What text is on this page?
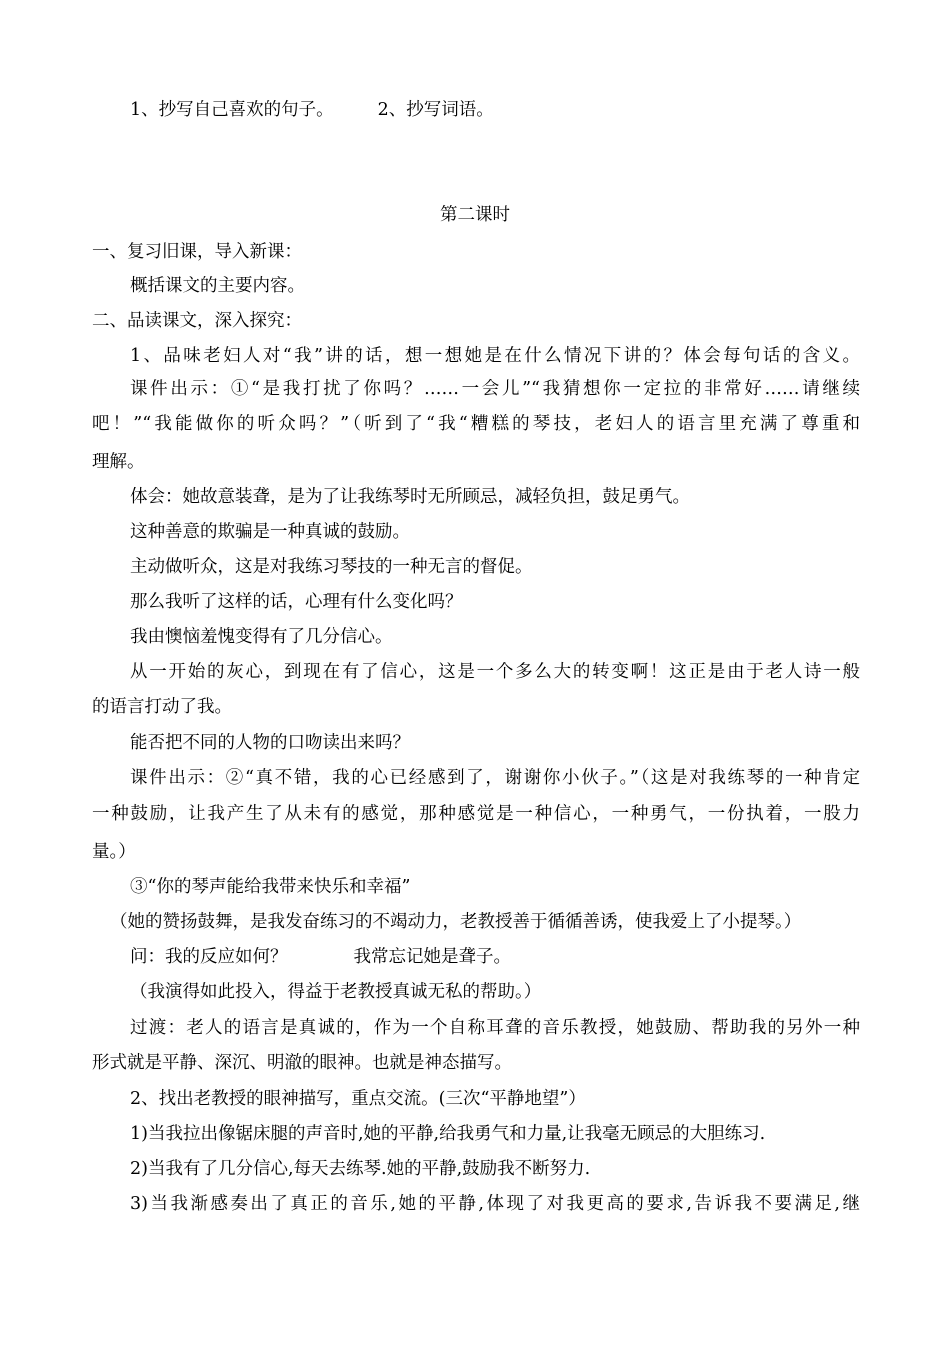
1、抄写自己喜欢的句子。	2、抄写词语。
第二课时
一、复习旧课，导入新课：
概括课文的主要内容。
二、品读课文，深入探究：
1、品味老妇人对“我”讲的话，想一想她是在什么情况下讲的？体会每句话的含义。
课件出示：①“是我打扰了你吗？……一会儿”“我猜想你一定拉的非常好……请继续
吧！”“我能做你的听众吗？”（听到了“我“糟糕的琴技，老妇人的语言里充满了尊重和
理解。
体会：她故意装聋，是为了让我练琴时无所顾忌，减轻负担，鼓足勇气。
这种善意的欺骗是一种真诚的鼓励。
主动做听众，这是对我练习琴技的一种无言的督促。
那么我听了这样的话，心理有什么变化吗？
我由懊恼羞愧变得有了几分信心。
从一开始的灰心，到现在有了信心，这是一个多么大的转变啊！这正是由于老人诗一般
的语言打动了我。
能否把不同的人物的口吻读出来吗？
课件出示：②“真不错，我的心已经感到了，谢谢你小伙子。”（这是对我练琴的一种肯定
一种鼓励，让我产生了从未有的感觉，那种感觉是一种信心，一种勇气，一份执着，一股力
量。）
③“你的琴声能给我带来快乐和幸福”
（她的赞扬鼓舞，是我发奋练习的不竭动力，老教授善于循循善诱，使我爱上了小提琴。）
问：我的反应如何？	我常忘记她是聋子。
（我演得如此投入，得益于老教授真诚无私的帮助。）
过渡：老人的语言是真诚的，作为一个自称耳聋的音乐教授，她鼓励、帮助我的另外一种
形式就是平静、深沉、明澈的眼神。也就是神态描写。
2、找出老教授的眼神描写，重点交流。(三次“平静地望”）
1)当我拉出像锯床腿的声音时,她的平静,给我勇气和力量,让我毫无顾忌的大胆练习.
2)当我有了几分信心,每天去练琴.她的平静,鼓励我不断努力.
3)当我渐感奏出了真正的音乐,她的平静,体现了对我更高的要求,告诉我不要满足,继
